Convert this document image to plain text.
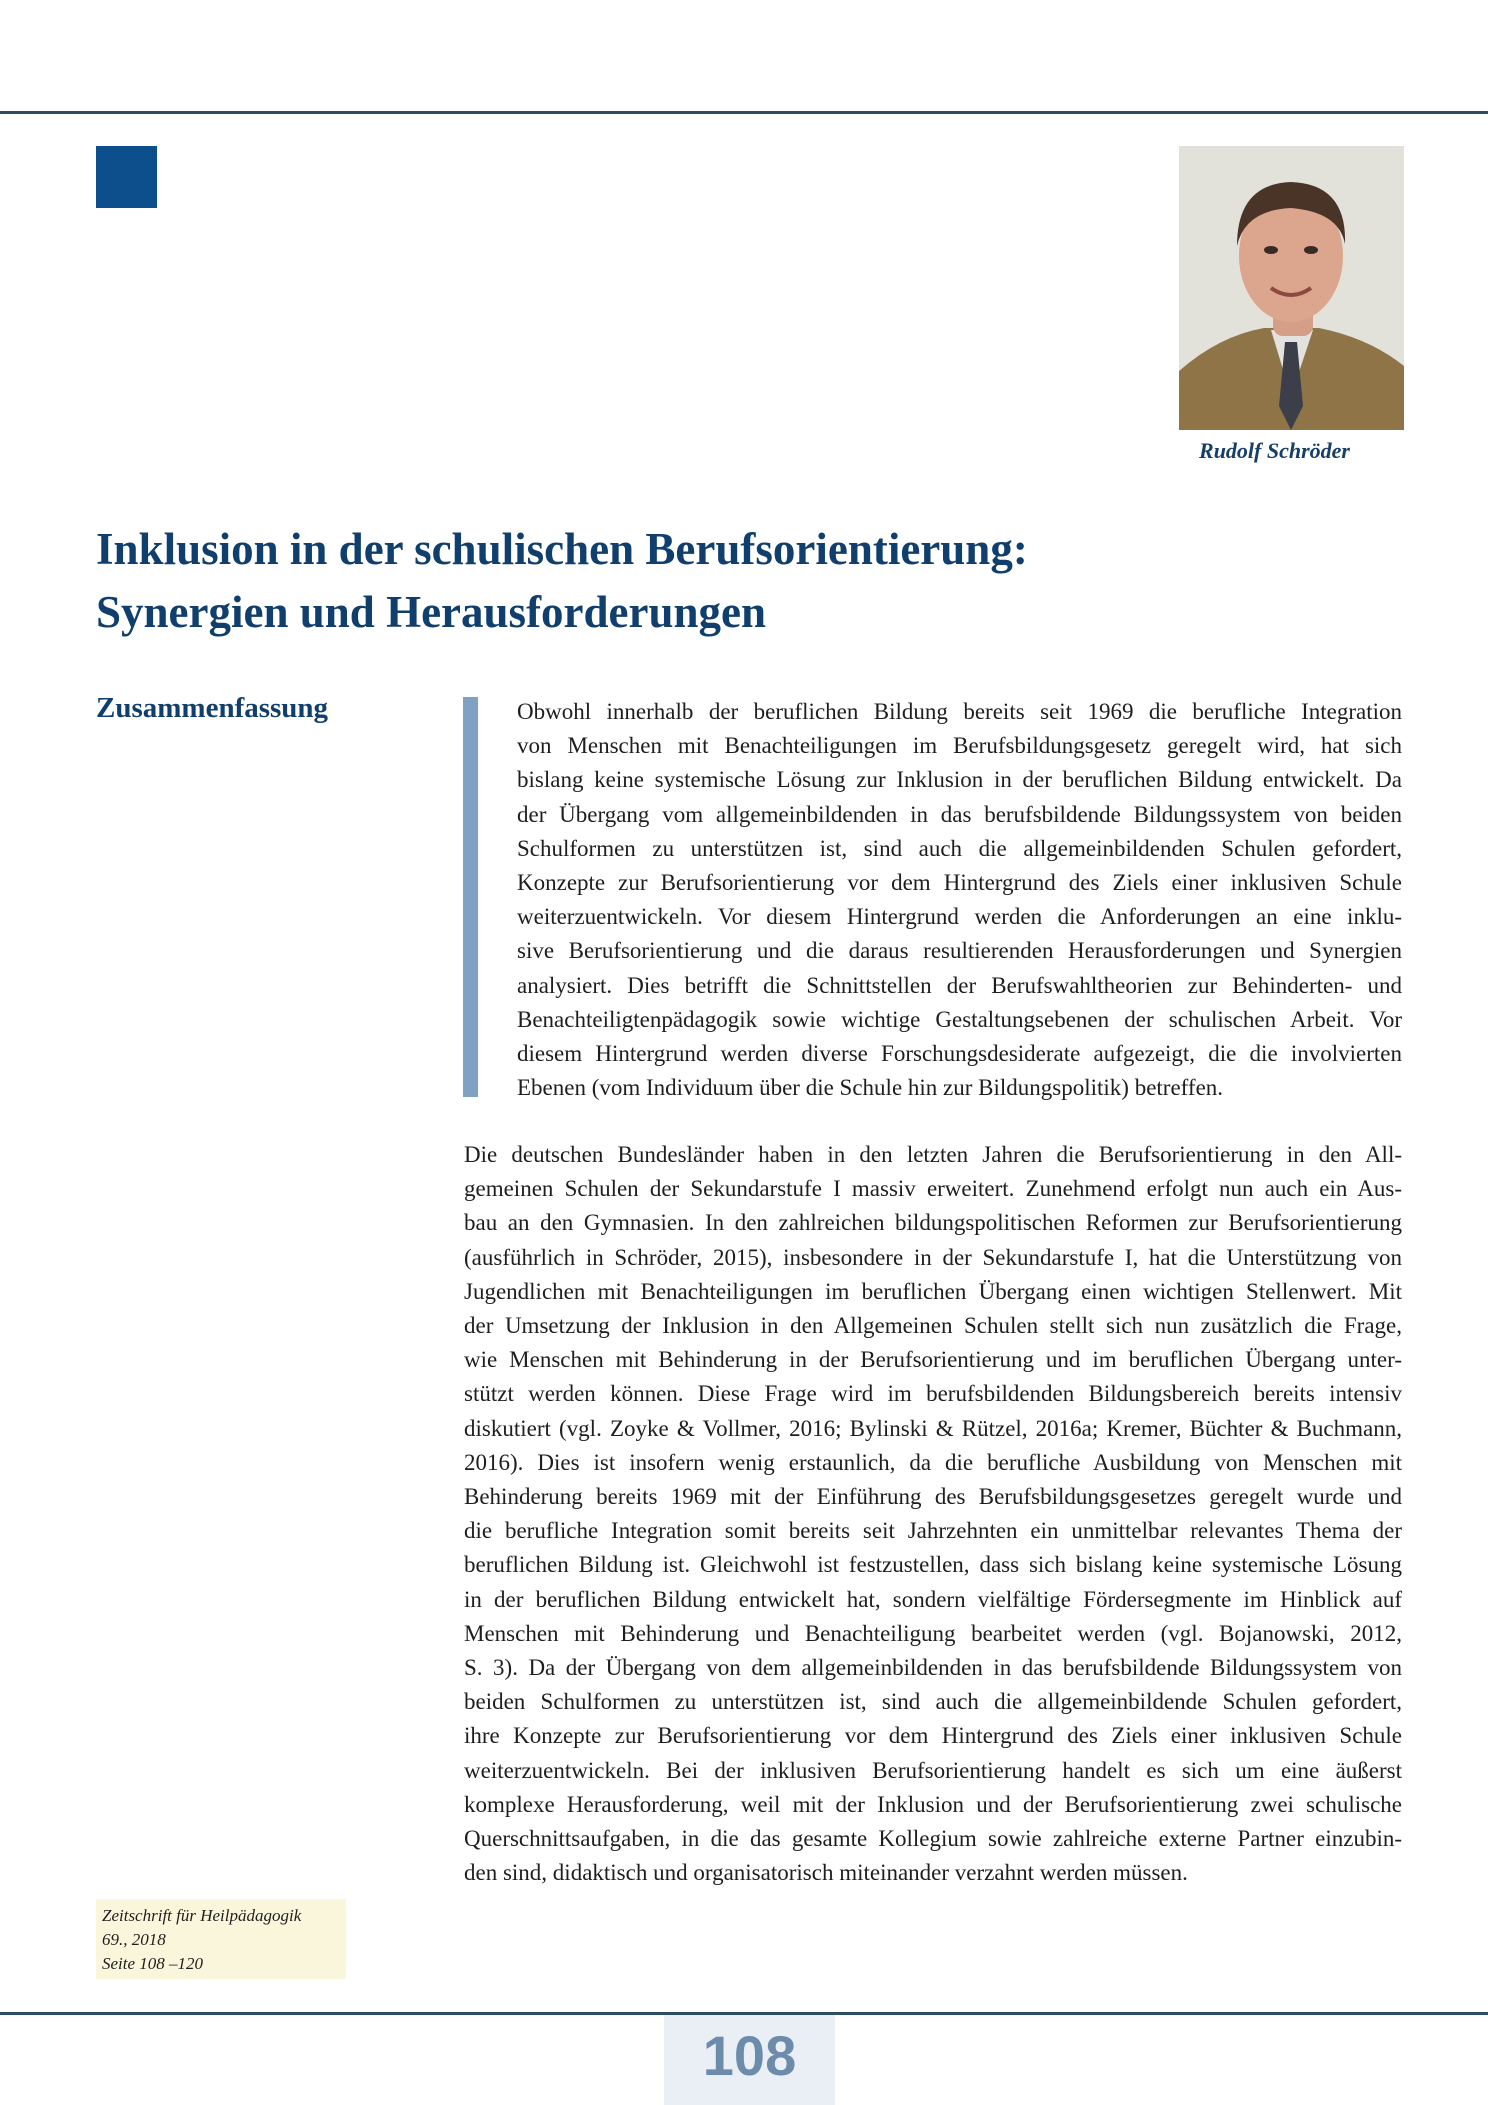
Rudolf Schröder
Inklusion in der schulischen Berufsorientierung:
Synergien und Herausforderungen
Zusammenfassung	Obwohl innerhalb der beruflichen Bildung bereits seit 1969 die berufliche Integration
von Menschen mit Benachteiligungen im Berufsbildungsgesetz geregelt wird, hat sich
bislang keine systemische Lösung zur Inklusion in der beruflichen Bildung entwickelt. Da
der Übergang vom allgemeinbildenden in das berufsbildende Bildungssystem von beiden
Schulformen zu unterstützen ist, sind auch die allgemeinbildenden Schulen gefordert,
Konzepte zur Berufsorientierung vor dem Hintergrund des Ziels einer inklusiven Schule
weiterzuentwickeln. Vor diesem Hintergrund werden die Anforderungen an eine inklu-
sive Berufsorientierung und die daraus resultierenden Herausforderungen und Synergien
analysiert. Dies betrifft die Schnittstellen der Berufswahltheorien zur Behinderten- und
Benachteiligtenpädagogik sowie wichtige Gestaltungsebenen der schulischen Arbeit. Vor
diesem Hintergrund werden diverse Forschungsdesiderate aufgezeigt, die die involvierten
Ebenen (vom Individuum über die Schule hin zur Bildungspolitik) betreffen.
Die deutschen Bundesländer haben in den letzten Jahren die Berufsorientierung in den All-
gemeinen Schulen der Sekundarstufe I massiv erweitert. Zunehmend erfolgt nun auch ein Aus-
bau an den Gymnasien. In den zahlreichen bildungspolitischen Reformen zur Berufsorientierung
(ausführlich in Schröder, 2015), insbesondere in der Sekundarstufe I, hat die Unterstützung von
Jugendlichen mit Benachteiligungen im beruflichen Übergang einen wichtigen Stellenwert. Mit
der Umsetzung der Inklusion in den Allgemeinen Schulen stellt sich nun zusätzlich die Frage,
wie Menschen mit Behinderung in der Berufsorientierung und im beruflichen Übergang unter-
stützt werden können. Diese Frage wird im berufsbildenden Bildungsbereich bereits intensiv
diskutiert (vgl. Zoyke & Vollmer, 2016; Bylinski & Rützel, 2016a; Kremer, Büchter & Buchmann,
2016). Dies ist insofern wenig erstaunlich, da die berufliche Ausbildung von Menschen mit
Behinderung bereits 1969 mit der Einführung des Berufsbildungsgesetzes geregelt wurde und
die berufliche Integration somit bereits seit Jahrzehnten ein unmittelbar relevantes Thema der
beruflichen Bildung ist. Gleichwohl ist festzustellen, dass sich bislang keine systemische Lösung
in der beruflichen Bildung entwickelt hat, sondern vielfältige Fördersegmente im Hinblick auf
Menschen mit Behinderung und Benachteiligung bearbeitet werden (vgl. Bojanowski, 2012,
S. 3). Da der Übergang von dem allgemeinbildenden in das berufsbildende Bildungssystem von
beiden Schulformen zu unterstützen ist, sind auch die allgemeinbildende Schulen gefordert,
ihre Konzepte zur Berufsorientierung vor dem Hintergrund des Ziels einer inklusiven Schule
weiterzuentwickeln. Bei der inklusiven Berufsorientierung handelt es sich um eine äußerst
komplexe Herausforderung, weil mit der Inklusion und der Berufsorientierung zwei schulische
Querschnittsaufgaben, in die das gesamte Kollegium sowie zahlreiche externe Partner einzubin-
den sind, didaktisch und organisatorisch miteinander verzahnt werden müssen.
Zeitschrift für Heilpädagogik
69., 2018
Seite 108 –120
108
